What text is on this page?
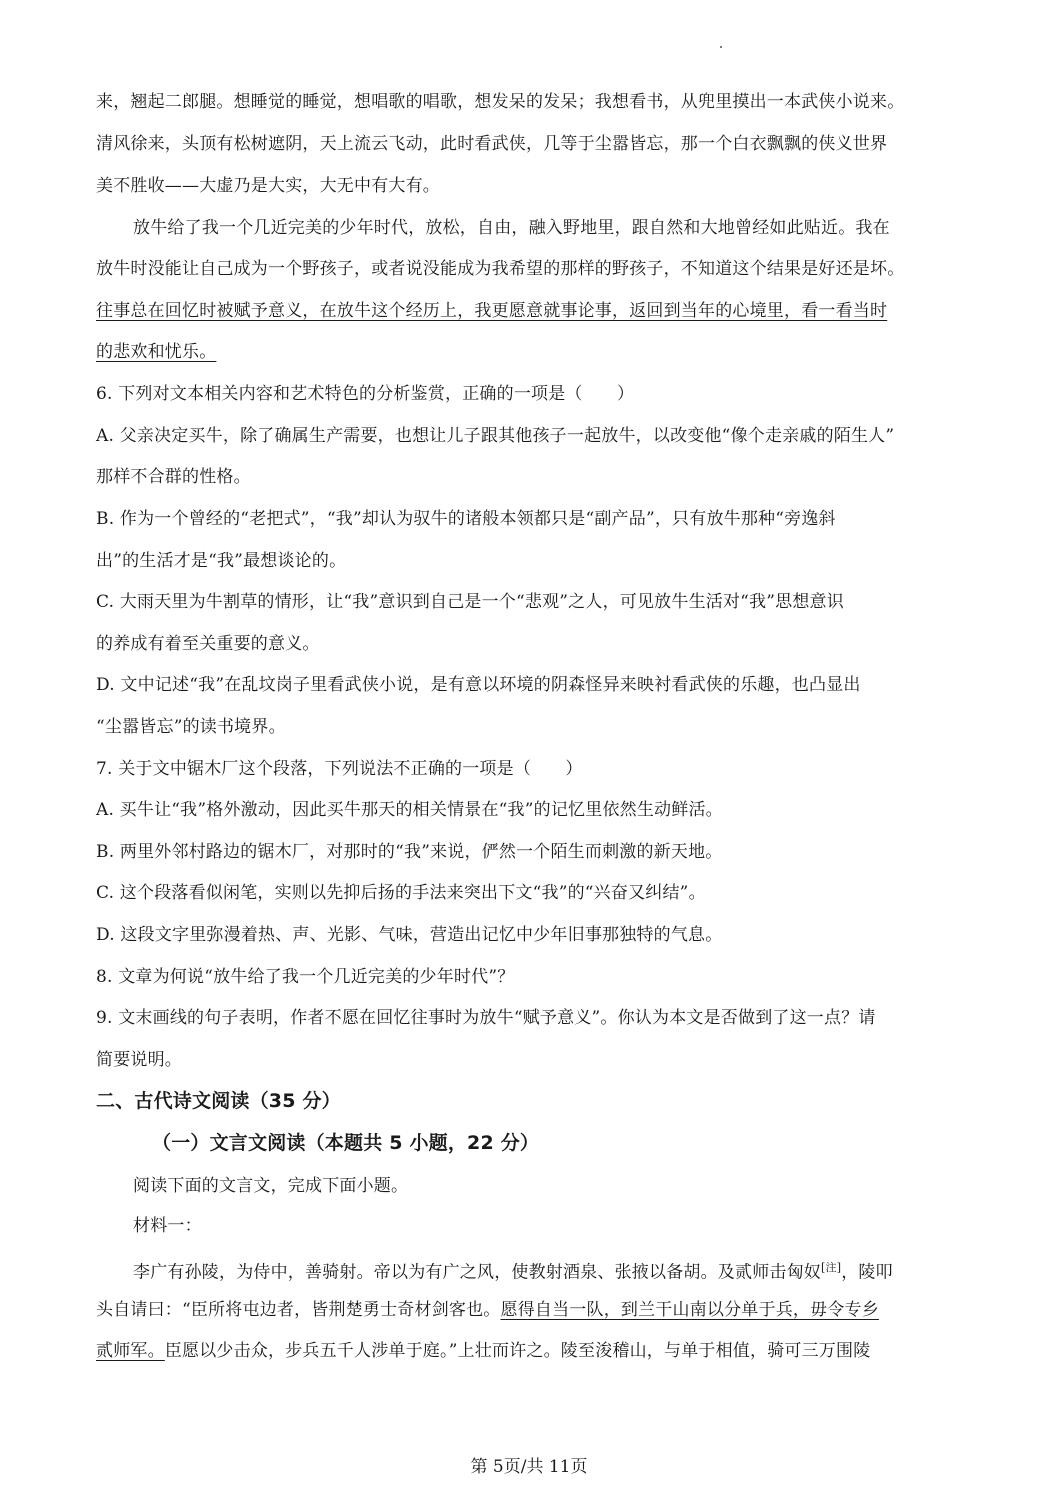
来，翘起二郎腿。想睡觉的睡觉，想唱歌的唱歌，想发呆的发呆；我想看书，从兜里摸出一本武侠小说来。
清风徐来，头顶有松树遮阴，天上流云飞动，此时看武侠，几等于尘嚣皆忘，那一个白衣飘飘的侠义世界
美不胜收——大虚乃是大实，大无中有大有。
放牛给了我一个几近完美的少年时代，放松，自由，融入野地里，跟自然和大地曾经如此贴近。我在
放牛时没能让自己成为一个野孩子，或者说没能成为我希望的那样的野孩子，不知道这个结果是好还是坏。
往事总在回忆时被赋予意义，在放牛这个经历上，我更愿意就事论事，返回到当年的心境里，看一看当时
的悲欢和忧乐。
6. 下列对文本相关内容和艺术特色的分析鉴赏，正确的一项是（　　）
A. 父亲决定买牛，除了确属生产需要，也想让儿子跟其他孩子一起放牛，以改变他“像个走亲戚的陌生人”
那样不合群的性格。
B. 作为一个曾经的“老把式”，“我”却认为驭牛的诸般本领都只是“副产品”，只有放牛那种“旁逸斜
出”的生活才是“我”最想谈论的。
C. 大雨天里为牛割草的情形，让“我”意识到自己是一个“悲观”之人，可见放牛生活对“我”思想意识
的养成有着至关重要的意义。
D. 文中记述“我”在乱坟岗子里看武侠小说，是有意以环境的阴森怪异来映衬看武侠的乐趣，也凸显出
“尘嚣皆忘”的读书境界。
7. 关于文中锯木厂这个段落，下列说法不正确的一项是（　　）
A. 买牛让“我”格外激动，因此买牛那天的相关情景在“我”的记忆里依然生动鲜活。
B. 两里外邻村路边的锯木厂，对那时的“我”来说，俨然一个陌生而刺激的新天地。
C. 这个段落看似闲笔，实则以先抑后扬的手法来突出下文“我”的“兴奋又纠结”。
D. 这段文字里弥漫着热、声、光影、气味，营造出记忆中少年旧事那独特的气息。
8. 文章为何说“放牛给了我一个几近完美的少年时代”？
9. 文末画线的句子表明，作者不愿在回忆往事时为放牛“赋予意义”。你认为本文是否做到了这一点？请
简要说明。
二、古代诗文阅读（35 分）
（一）文言文阅读（本题共 5 小题，22 分）
阅读下面的文言文，完成下面小题。
材料一：
李广有孙陵，为侍中，善骑射。帝以为有广之风，使教射酒泉、张掖以备胡。及贰师击匈奴[注]，陵叩
头自请曰：“臣所将屯边者，皆荆楚勇士奇材剑客也。愿得自当一队，到兰干山南以分单于兵，毋令专乡
贰师军。臣愿以少击众，步兵五千人涉单于庭。”上壮而许之。陵至浚稽山，与单于相值，骑可三万围陵
第 5页/共 11页
